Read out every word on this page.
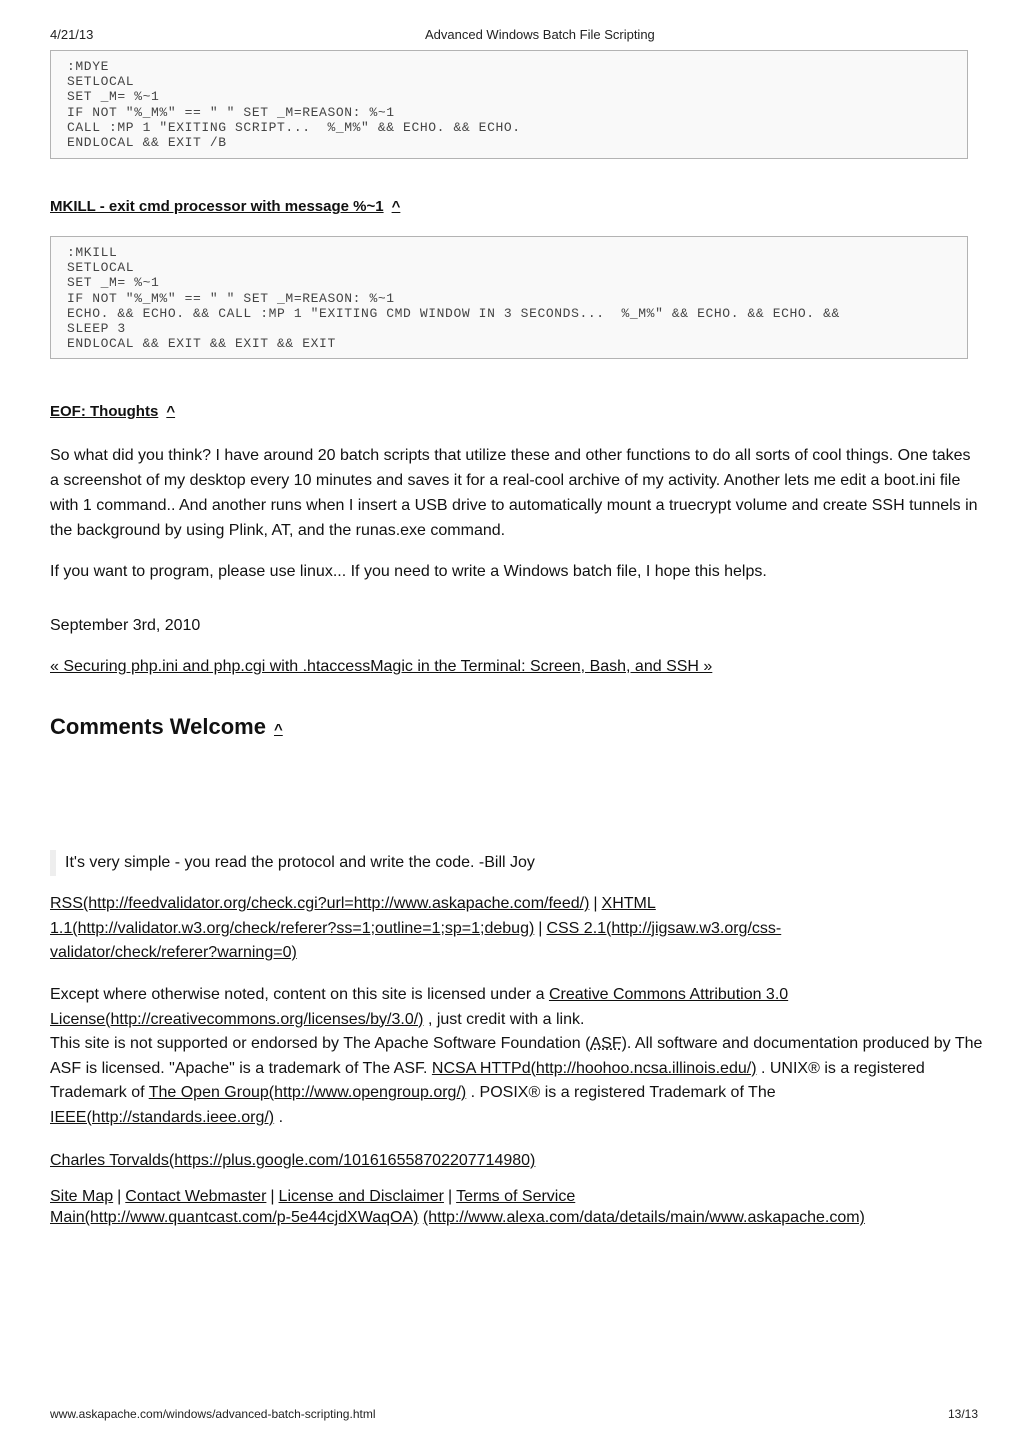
4/21/13	Advanced Windows Batch File Scripting
:MDYE
SETLOCAL
SET _M= %~1
IF NOT "%_M%" == " " SET _M=REASON: %~1
CALL :MP 1 "EXITING SCRIPT...  %_M%" && ECHO. && ECHO.
ENDLOCAL && EXIT /B
MKILL - exit cmd processor with message %~1 ^
:MKILL
SETLOCAL
SET _M= %~1
IF NOT "%_M%" == " " SET _M=REASON: %~1
ECHO. && ECHO. && CALL :MP 1 "EXITING CMD WINDOW IN 3 SECONDS...  %_M%" && ECHO. && ECHO. &&
SLEEP 3
ENDLOCAL && EXIT && EXIT && EXIT
EOF: Thoughts ^

So what did you think? I have around 20 batch scripts that utilize these and other functions to do all sorts of cool things. One takes a screenshot of my desktop every 10 minutes and saves it for a real-cool archive of my activity. Another lets me edit a boot.ini file with 1 command.. And another runs when I insert a USB drive to automatically mount a truecrypt volume and create SSH tunnels in the background by using Plink, AT, and the runas.exe command.

If you want to program, please use linux... If you need to write a Windows batch file, I hope this helps.

September 3rd, 2010

« Securing php.ini and php.cgi with .htaccessMagic in the Terminal: Screen, Bash, and SSH »

Comments Welcome ^
It's very simple - you read the protocol and write the code. -Bill Joy

RSS(http://feedvalidator.org/check.cgi?url=http://www.askapache.com/feed/) | XHTML 1.1(http://validator.w3.org/check/referer?ss=1;outline=1;sp=1;debug) | CSS 2.1(http://jigsaw.w3.org/css-validator/check/referer?warning=0)

Except where otherwise noted, content on this site is licensed under a Creative Commons Attribution 3.0 License(http://creativecommons.org/licenses/by/3.0/) , just credit with a link.
This site is not supported or endorsed by The Apache Software Foundation (ASF). All software and documentation produced by The ASF is licensed. "Apache" is a trademark of The ASF. NCSA HTTPd(http://hoohoo.ncsa.illinois.edu/) . UNIX® is a registered Trademark of The Open Group(http://www.opengroup.org/) . POSIX® is a registered Trademark of The IEEE(http://standards.ieee.org/) .

Charles Torvalds(https://plus.google.com/101616558702207714980)

Site Map | Contact Webmaster | License and Disclaimer | Terms of Service
Main(http://www.quantcast.com/p-5e44cjdXWaqOA) (http://www.alexa.com/data/details/main/www.askapache.com)

www.askapache.com/windows/advanced-batch-scripting.html	13/13
